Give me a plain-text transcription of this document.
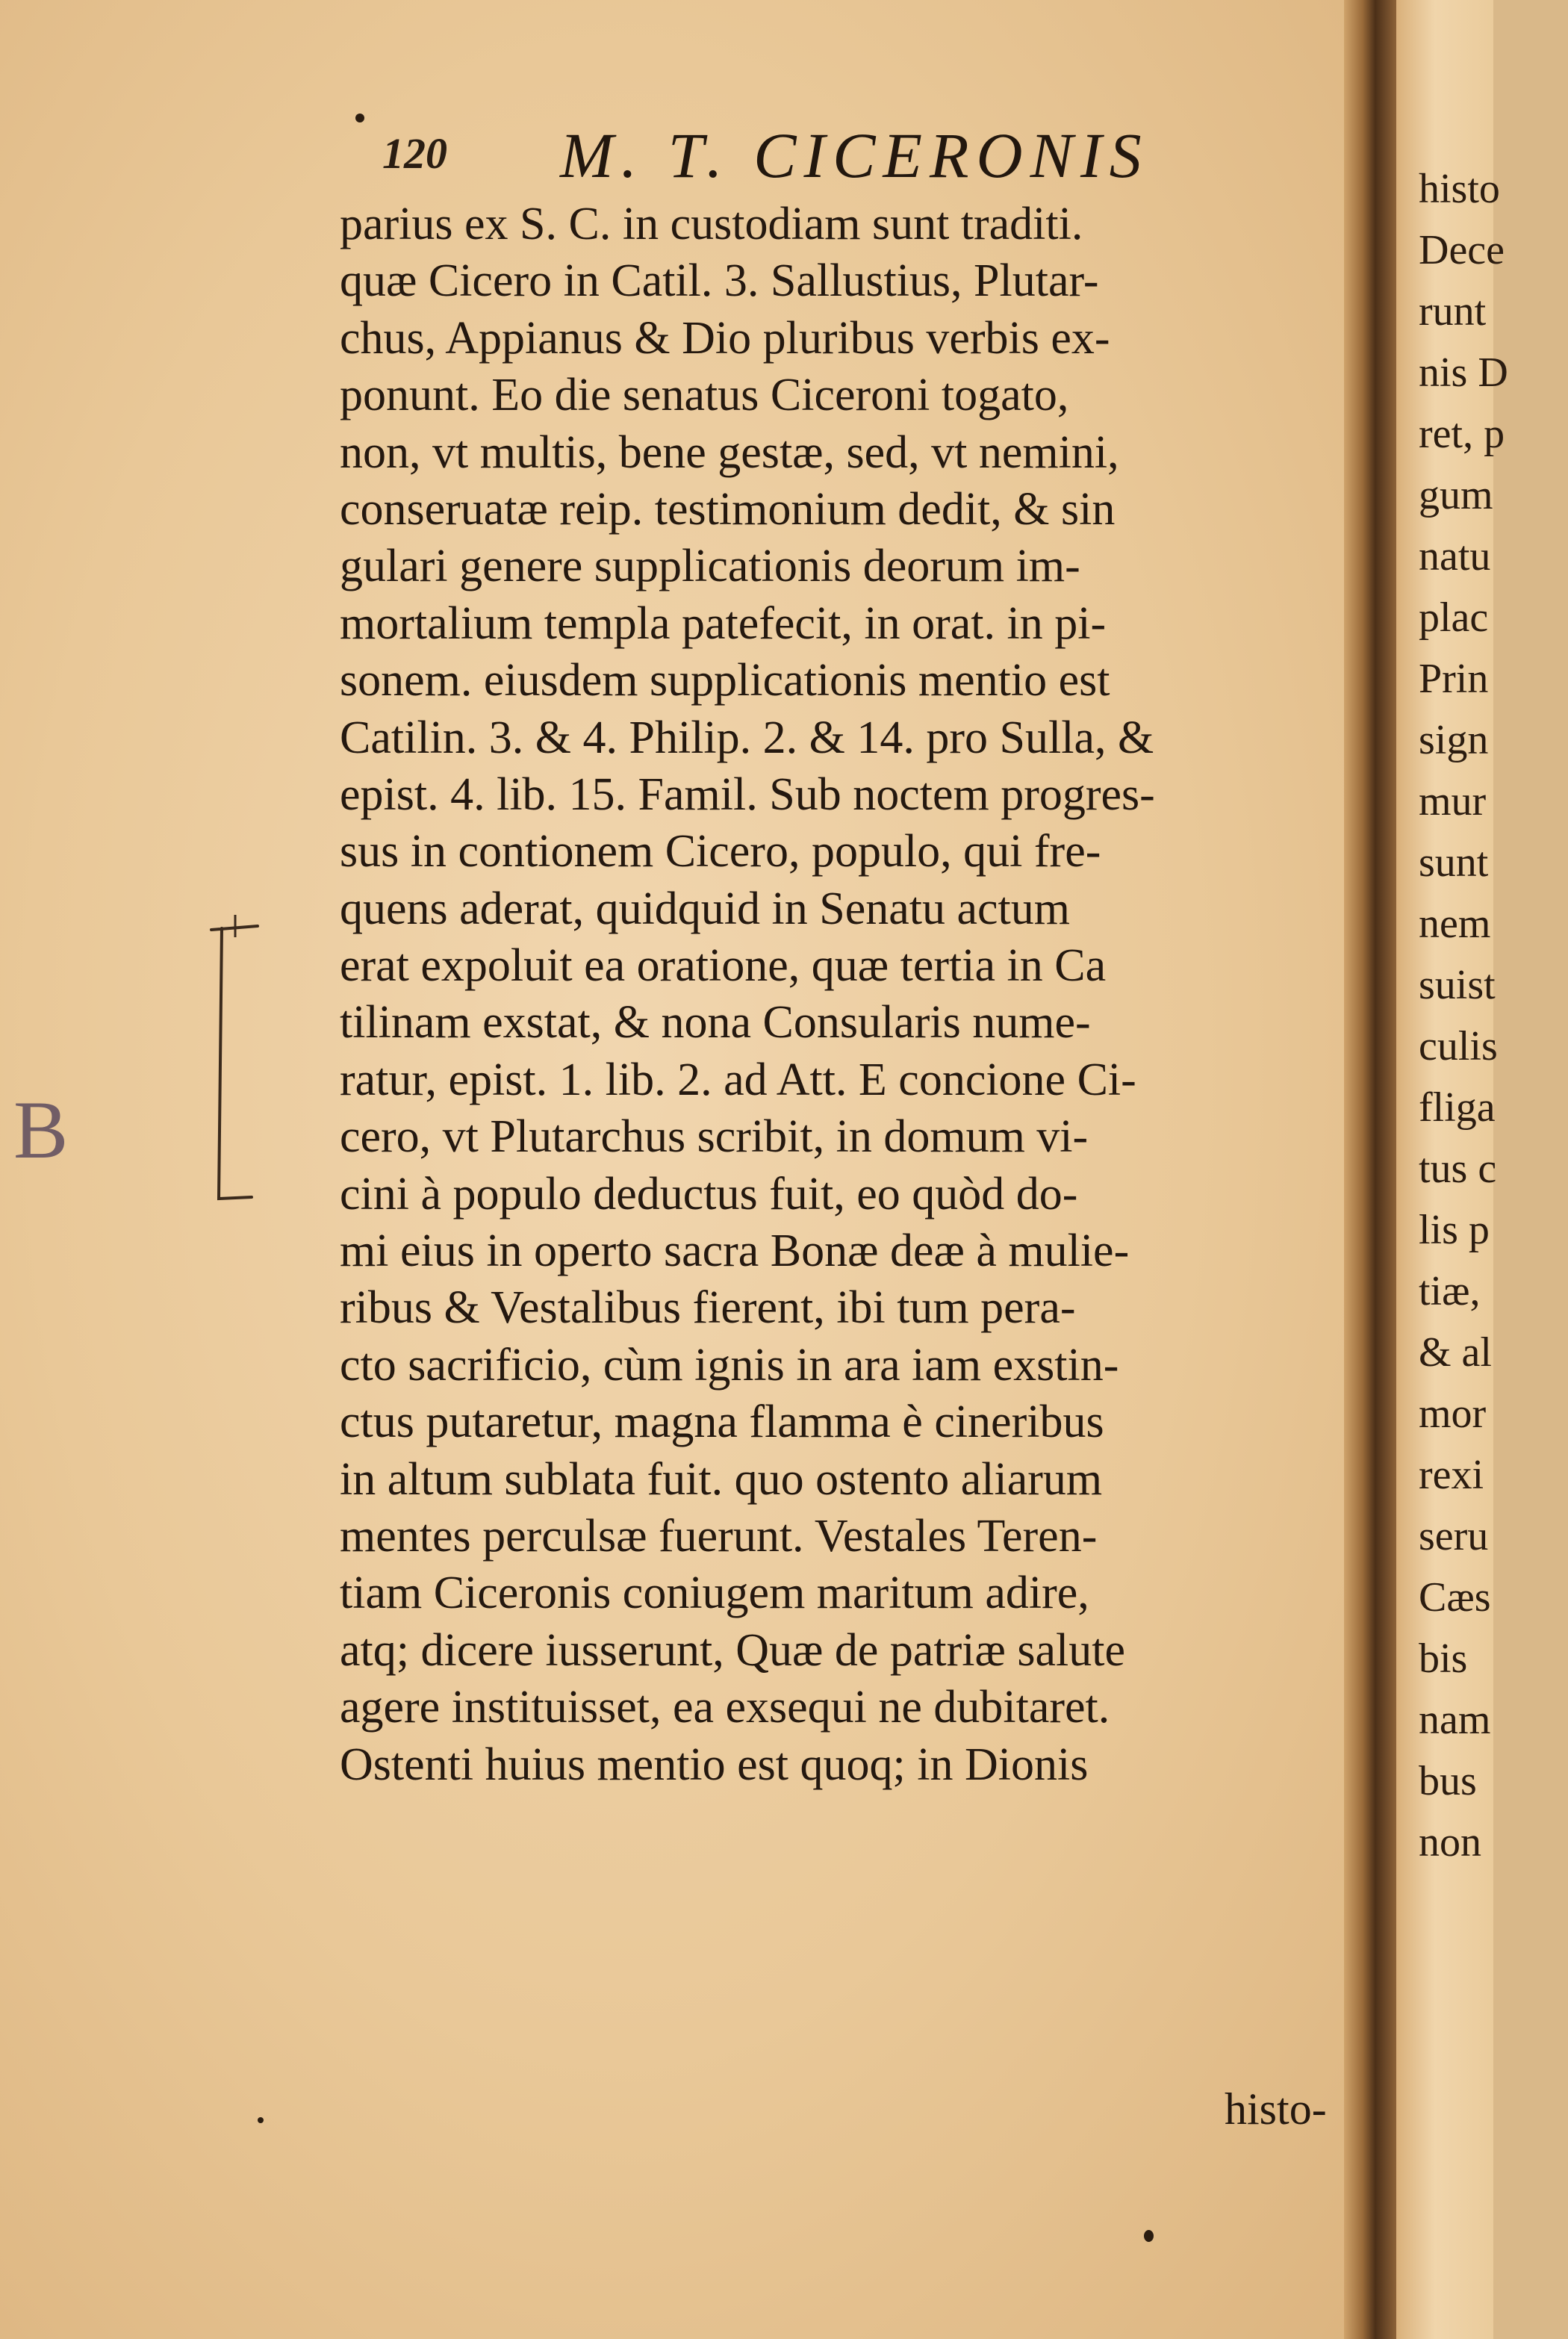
histo
Dece
runt
nis D
ret, p
gum
natu
plac
Prin
sign
mur
sunt
nem
suist
culis
fliga
tus c
lis p
tiæ,
& al
mor
rexi
seru
Cæs
bis
nam
bus
non
120 M. T. CICERONIS
parius ex S. C. in custodiam sunt traditi.
quæ Cicero in Catil. 3. Sallustius, Plutar-
chus, Appianus & Dio pluribus verbis ex-
ponunt. Eo die senatus Ciceroni togato,
non, vt multis, bene gestæ, sed, vt nemini,
conseruatæ reip. testimonium dedit, & sin
gulari genere supplicationis deorum im-
mortalium templa patefecit, in orat. in pi-
sonem. eiusdem supplicationis mentio est
Catilin. 3. & 4. Philip. 2. & 14. pro Sulla, &
epist. 4. lib. 15. Famil. Sub noctem progres-
sus in contionem Cicero, populo, qui fre-
quens aderat, quidquid in Senatu actum
erat expoluit ea oratione, quæ tertia in Ca
tilinam exstat, & nona Consularis nume-
ratur, epist. 1. lib. 2. ad Att. E concione Ci-
cero, vt Plutarchus scribit, in domum vi-
cini à populo deductus fuit, eo quòd do-
mi eius in operto sacra Bonæ deæ à mulie-
ribus & Vestalibus fierent, ibi tum pera-
cto sacrificio, cùm ignis in ara iam exstin-
ctus putaretur, magna flamma è cineribus
in altum sublata fuit. quo ostento aliarum
mentes perculsæ fuerunt. Vestales Teren-
tiam Ciceronis coniugem maritum adire,
atq; dicere iusserunt, Quæ de patriæ salute
agere instituisset, ea exsequi ne dubitaret.
Ostenti huius mentio est quoq; in Dionis
histo-
B
